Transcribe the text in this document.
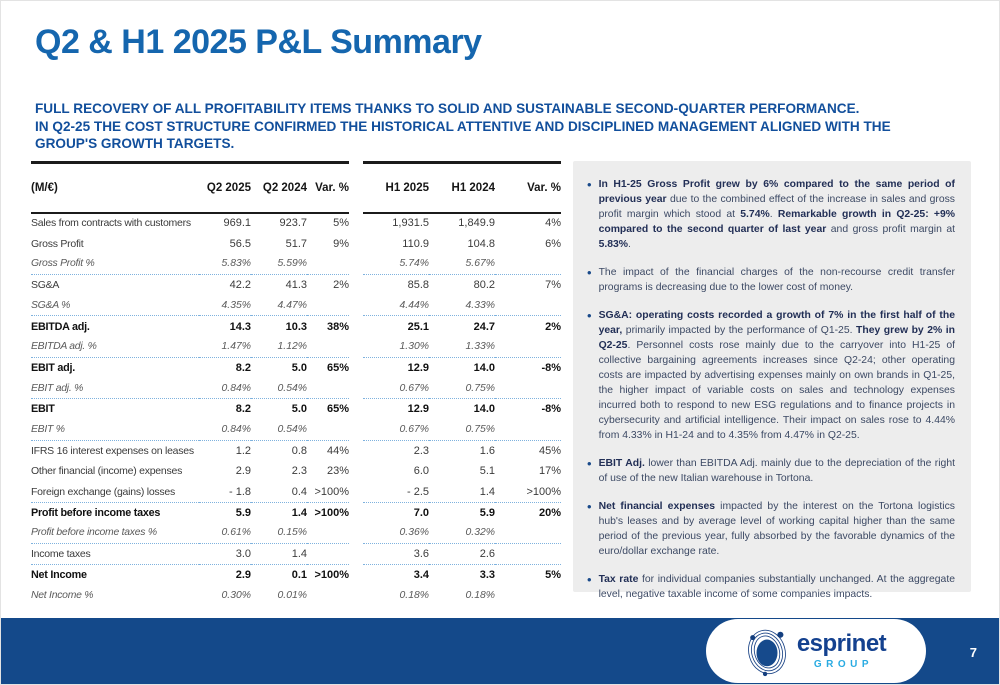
Q2 & H1 2025 P&L Summary
FULL RECOVERY OF ALL PROFITABILITY ITEMS THANKS TO SOLID AND SUSTAINABLE SECOND-QUARTER PERFORMANCE.
IN Q2-25 THE COST STRUCTURE CONFIRMED THE HISTORICAL ATTENTIVE AND DISCIPLINED MANAGEMENT ALIGNED WITH THE GROUP'S GROWTH TARGETS.
(M/€)	Q2 2025	Q2 2024	Var. %		H1 2025	H1 2024	Var. %
Sales from contracts with customers	969.1	923.7	5%		1,931.5	1,849.9	4%
Gross Profit	56.5	51.7	9%		110.9	104.8	6%
Gross Profit %	5.83%	5.59%			5.74%	5.67%	
SG&A	42.2	41.3	2%		85.8	80.2	7%
SG&A %	4.35%	4.47%			4.44%	4.33%	
EBITDA adj.	14.3	10.3	38%		25.1	24.7	2%
EBITDA adj. %	1.47%	1.12%			1.30%	1.33%	
EBIT adj.	8.2	5.0	65%		12.9	14.0	-8%
EBIT adj. %	0.84%	0.54%			0.67%	0.75%	
EBIT	8.2	5.0	65%		12.9	14.0	-8%
EBIT %	0.84%	0.54%			0.67%	0.75%	
IFRS 16 interest expenses on leases	1.2	0.8	44%		2.3	1.6	45%
Other financial (income) expenses	2.9	2.3	23%		6.0	5.1	17%
Foreign exchange (gains) losses	- 1.8	0.4	>100%		- 2.5	1.4	>100%
Profit before income taxes	5.9	1.4	>100%		7.0	5.9	20%
Profit before income taxes %	0.61%	0.15%			0.36%	0.32%	
Income taxes	3.0	1.4			3.6	2.6	
Net Income	2.9	0.1	>100%		3.4	3.3	5%
Net Income %	0.30%	0.01%			0.18%	0.18%	
• In H1-25 Gross Profit grew by 6% compared to the same period of previous year due to the combined effect of the increase in sales and gross profit margin which stood at 5.74%. Remarkable growth in Q2-25: +9% compared to the second quarter of last year and gross profit margin at 5.83%.

• The impact of the financial charges of the non-recourse credit transfer programs is decreasing due to the lower cost of money.

• SG&A: operating costs recorded a growth of 7% in the first half of the year, primarily impacted by the performance of Q1-25. They grew by 2% in Q2-25. Personnel costs rose mainly due to the carryover into H1-25 of collective bargaining agreements increases since Q2-24; other operating costs are impacted by advertising expenses mainly on own brands in Q1-25, the higher impact of variable costs on sales and technology expenses incurred both to respond to new ESG regulations and to finance projects in cybersecurity and artificial intelligence. Their impact on sales rose to 4.44% from 4.33% in H1-24 and to 4.35% from 4.47% in Q2-25.

• EBIT Adj. lower than EBITDA Adj. mainly due to the depreciation of the right of use of the new Italian warehouse in Tortona.

• Net financial expenses impacted by the interest on the Tortona logistics hub's leases and by average level of working capital higher than the same period of the previous year, fully absorbed by the favorable dynamics of the euro/dollar exchange rate.

• Tax rate for individual companies substantially unchanged. At the aggregate level, negative taxable income of some companies impacts.

esprinet
GROUP
7
